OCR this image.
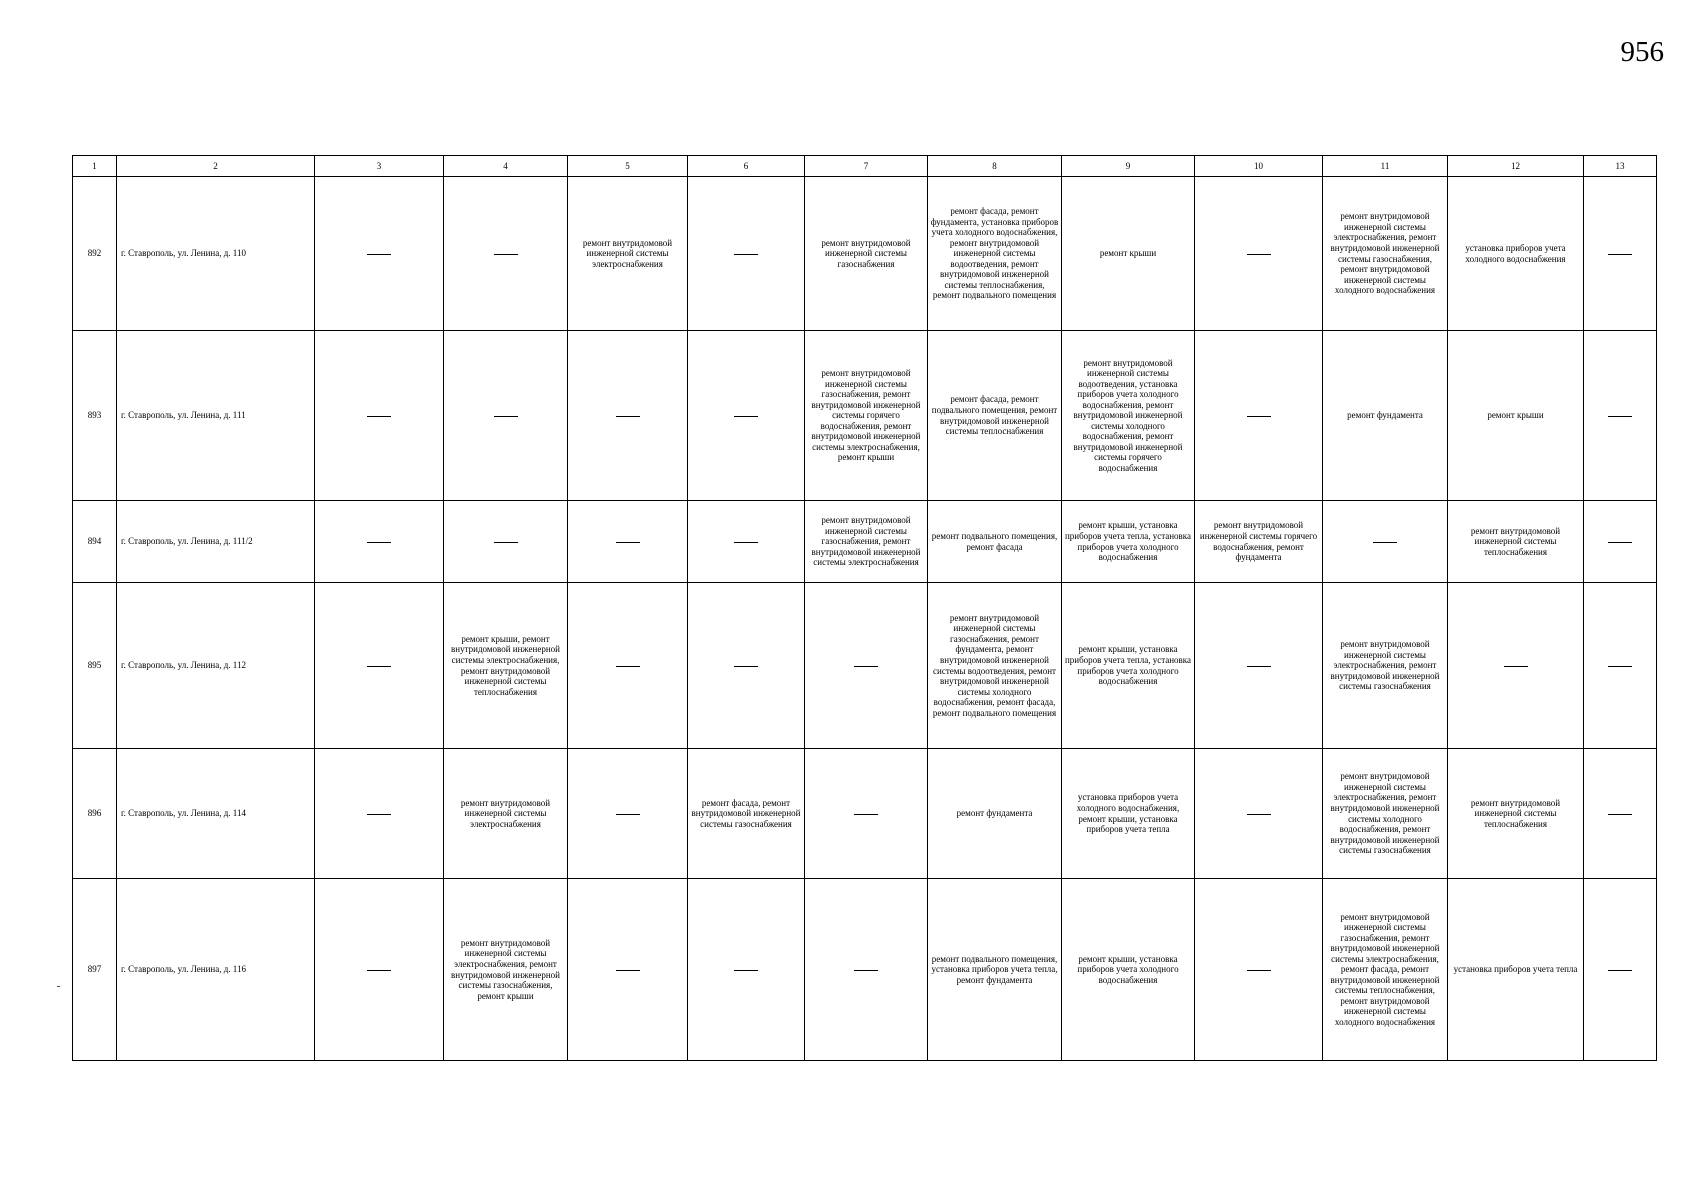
956
1	2	3	4	5	6	7	8	9	10	11	12	13
892	г. Ставрополь, ул. Ленина, д. 110			ремонт внутридомовой инженерной системы электроснабжения		ремонт внутридомовой инженерной системы газоснабжения	ремонт фасада, ремонт фундамента, установка приборов учета холодного водоснабжения, ремонт внутридомовой инженерной системы водоотведения, ремонт внутридомовой инженерной системы теплоснабжения, ремонт подвального помещения	ремонт крыши		ремонт внутридомовой инженерной системы электроснабжения, ремонт внутридомовой инженерной системы газоснабжения, ремонт внутридомовой инженерной системы холодного водоснабжения	установка приборов учета холодного водоснабжения	
893	г. Ставрополь, ул. Ленина, д. 111					ремонт внутридомовой инженерной системы газоснабжения, ремонт внутридомовой инженерной системы горячего водоснабжения, ремонт внутридомовой инженерной системы электроснабжения, ремонт крыши	ремонт фасада, ремонт подвального помещения, ремонт внутридомовой инженерной системы теплоснабжения	ремонт внутридомовой инженерной системы водоотведения, установка приборов учета холодного водоснабжения, ремонт внутридомовой инженерной системы холодного водоснабжения, ремонт внутридомовой инженерной системы горячего водоснабжения		ремонт фундамента	ремонт крыши	
894	г. Ставрополь, ул. Ленина, д. 111/2					ремонт внутридомовой инженерной системы газоснабжения, ремонт внутридомовой инженерной системы электроснабжения	ремонт подвального помещения, ремонт фасада	ремонт крыши, установка приборов учета тепла, установка приборов учета холодного водоснабжения	ремонт внутридомовой инженерной системы горячего водоснабжения, ремонт фундамента		ремонт внутридомовой инженерной системы теплоснабжения	
895	г. Ставрополь, ул. Ленина, д. 112		ремонт крыши, ремонт внутридомовой инженерной системы электроснабжения, ремонт внутридомовой инженерной системы теплоснабжения				ремонт внутридомовой инженерной системы газоснабжения, ремонт фундамента, ремонт внутридомовой инженерной системы водоотведения, ремонт внутридомовой инженерной системы холодного водоснабжения, ремонт фасада, ремонт подвального помещения	ремонт крыши, установка приборов учета тепла, установка приборов учета холодного водоснабжения		ремонт внутридомовой инженерной системы электроснабжения, ремонт внутридомовой инженерной системы газоснабжения		
896	г. Ставрополь, ул. Ленина, д. 114		ремонт внутридомовой инженерной системы электроснабжения		ремонт фасада, ремонт внутридомовой инженерной системы газоснабжения		ремонт фундамента	установка приборов учета холодного водоснабжения, ремонт крыши, установка приборов учета тепла		ремонт внутридомовой инженерной системы электроснабжения, ремонт внутридомовой инженерной системы холодного водоснабжения, ремонт внутридомовой инженерной системы газоснабжения	ремонт внутридомовой инженерной системы теплоснабжения	
897	г. Ставрополь, ул. Ленина, д. 116		ремонт внутридомовой инженерной системы электроснабжения, ремонт внутридомовой инженерной системы газоснабжения, ремонт крыши				ремонт подвального помещения, установка приборов учета тепла, ремонт фундамента	ремонт крыши, установка приборов учета холодного водоснабжения		ремонт внутридомовой инженерной системы газоснабжения, ремонт внутридомовой инженерной системы электроснабжения, ремонт фасада, ремонт внутридомовой инженерной системы теплоснабжения, ремонт внутридомовой инженерной системы холодного водоснабжения	установка приборов учета тепла	
